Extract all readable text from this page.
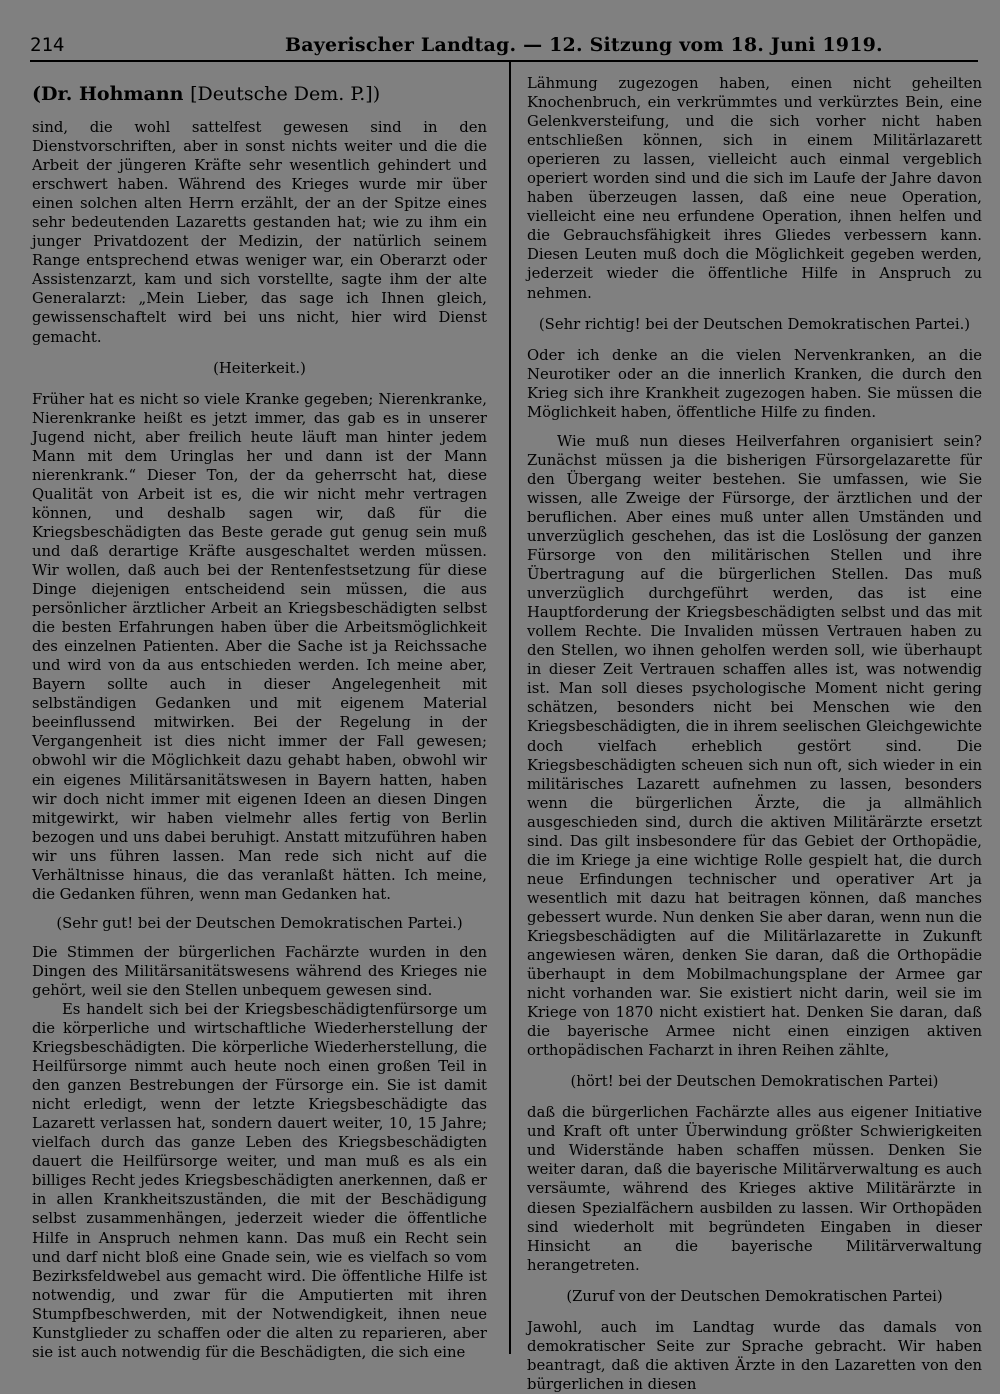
214	Bayerischer Landtag. — 12. Sitzung vom 18. Juni 1919.
(Dr. Hohmann [Deutsche Dem. P.])

sind, die wohl sattelfest gewesen sind in den Dienstvorschriften, aber in sonst nichts weiter und die die Arbeit der jüngeren Kräfte sehr wesentlich gehindert und erschwert haben. Während des Krieges wurde mir über einen solchen alten Herrn erzählt, der an der Spitze eines sehr bedeutenden Lazaretts gestanden hat; wie zu ihm ein junger Privatdozent der Medizin, der natürlich seinem Range entsprechend etwas weniger war, ein Oberarzt oder Assistenzarzt, kam und sich vorstellte, sagte ihm der alte Generalarzt: „Mein Lieber, das sage ich Ihnen gleich, gewissenschaftelt wird bei uns nicht, hier wird Dienst gemacht.

(Heiterkeit.)

Früher hat es nicht so viele Kranke gegeben; Nierenkranke, Nierenkranke heißt es jetzt immer, das gab es in unserer Jugend nicht, aber freilich heute läuft man hinter jedem Mann mit dem Uringlas her und dann ist der Mann nierenkrank.“ Dieser Ton, der da geherrscht hat, diese Qualität von Arbeit ist es, die wir nicht mehr vertragen können, und deshalb sagen wir, daß für die Kriegsbeschädigten das Beste gerade gut genug sein muß und daß derartige Kräfte ausgeschaltet werden müssen. Wir wollen, daß auch bei der Rentenfestsetzung für diese Dinge diejenigen entscheidend sein müssen, die aus persönlicher ärztlicher Arbeit an Kriegsbeschädigten selbst die besten Erfahrungen haben über die Arbeitsmöglichkeit des einzelnen Patienten. Aber die Sache ist ja Reichssache und wird von da aus entschieden werden. Ich meine aber, Bayern sollte auch in dieser Angelegenheit mit selbständigen Gedanken und mit eigenem Material beeinflussend mitwirken. Bei der Regelung in der Vergangenheit ist dies nicht immer der Fall gewesen; obwohl wir die Möglichkeit dazu gehabt haben, obwohl wir ein eigenes Militärsanitätswesen in Bayern hatten, haben wir doch nicht immer mit eigenen Ideen an diesen Dingen mitgewirkt, wir haben vielmehr alles fertig von Berlin bezogen und uns dabei beruhigt. Anstatt mitzuführen haben wir uns führen lassen. Man rede sich nicht auf die Verhältnisse hinaus, die das veranlaßt hätten. Ich meine, die Gedanken führen, wenn man Gedanken hat.

(Sehr gut! bei der Deutschen Demokratischen Partei.)

Die Stimmen der bürgerlichen Fachärzte wurden in den Dingen des Militärsanitätswesens während des Krieges nie gehört, weil sie den Stellen unbequem gewesen sind.

Es handelt sich bei der Kriegsbeschädigtenfürsorge um die körperliche und wirtschaftliche Wiederherstellung der Kriegsbeschädigten. Die körperliche Wiederherstellung, die Heilfürsorge nimmt auch heute noch einen großen Teil in den ganzen Bestrebungen der Fürsorge ein. Sie ist damit nicht erledigt, wenn der letzte Kriegsbeschädigte das Lazarett verlassen hat, sondern dauert weiter, 10, 15 Jahre; vielfach durch das ganze Leben des Kriegsbeschädigten dauert die Heilfürsorge weiter, und man muß es als ein billiges Recht jedes Kriegsbeschädigten anerkennen, daß er in allen Krankheitszuständen, die mit der Beschädigung selbst zusammenhängen, jederzeit wieder die öffentliche Hilfe in Anspruch nehmen kann. Das muß ein Recht sein und darf nicht bloß eine Gnade sein, wie es vielfach so vom Bezirksfeldwebel aus gemacht wird. Die öffentliche Hilfe ist notwendig, und zwar für die Amputierten mit ihren Stumpfbeschwerden, mit der Notwendigkeit, ihnen neue Kunstglieder zu schaffen oder die alten zu reparieren, aber sie ist auch notwendig für die Beschädigten, die sich eine

Lähmung zugezogen haben, einen nicht geheilten Knochenbruch, ein verkrümmtes und verkürztes Bein, eine Gelenkversteifung, und die sich vorher nicht haben entschließen können, sich in einem Militärlazarett operieren zu lassen, vielleicht auch einmal vergeblich operiert worden sind und die sich im Laufe der Jahre davon haben überzeugen lassen, daß eine neue Operation, vielleicht eine neu erfundene Operation, ihnen helfen und die Gebrauchsfähigkeit ihres Gliedes verbessern kann. Diesen Leuten muß doch die Möglichkeit gegeben werden, jederzeit wieder die öffentliche Hilfe in Anspruch zu nehmen.

(Sehr richtig! bei der Deutschen Demokratischen Partei.)

Oder ich denke an die vielen Nervenkranken, an die Neurotiker oder an die innerlich Kranken, die durch den Krieg sich ihre Krankheit zugezogen haben. Sie müssen die Möglichkeit haben, öffentliche Hilfe zu finden.

Wie muß nun dieses Heilverfahren organisiert sein? Zunächst müssen ja die bisherigen Fürsorgelazarette für den Übergang weiter bestehen. Sie umfassen, wie Sie wissen, alle Zweige der Fürsorge, der ärztlichen und der beruflichen. Aber eines muß unter allen Umständen und unverzüglich geschehen, das ist die Loslösung der ganzen Fürsorge von den militärischen Stellen und ihre Übertragung auf die bürgerlichen Stellen. Das muß unverzüglich durchgeführt werden, das ist eine Hauptforderung der Kriegsbeschädigten selbst und das mit vollem Rechte. Die Invaliden müssen Vertrauen haben zu den Stellen, wo ihnen geholfen werden soll, wie überhaupt in dieser Zeit Vertrauen schaffen alles ist, was notwendig ist. Man soll dieses psychologische Moment nicht gering schätzen, besonders nicht bei Menschen wie den Kriegsbeschädigten, die in ihrem seelischen Gleichgewichte doch vielfach erheblich gestört sind. Die Kriegsbeschädigten scheuen sich nun oft, sich wieder in ein militärisches Lazarett aufnehmen zu lassen, besonders wenn die bürgerlichen Ärzte, die ja allmählich ausgeschieden sind, durch die aktiven Militärärzte ersetzt sind. Das gilt insbesondere für das Gebiet der Orthopädie, die im Kriege ja eine wichtige Rolle gespielt hat, die durch neue Erfindungen technischer und operativer Art ja wesentlich mit dazu hat beitragen können, daß manches gebessert wurde. Nun denken Sie aber daran, wenn nun die Kriegsbeschädigten auf die Militärlazarette in Zukunft angewiesen wären, denken Sie daran, daß die Orthopädie überhaupt in dem Mobilmachungsplane der Armee gar nicht vorhanden war. Sie existiert nicht darin, weil sie im Kriege von 1870 nicht existiert hat. Denken Sie daran, daß die bayerische Armee nicht einen einzigen aktiven orthopädischen Facharzt in ihren Reihen zählte,

(hört! bei der Deutschen Demokratischen Partei)

daß die bürgerlichen Fachärzte alles aus eigener Initiative und Kraft oft unter Überwindung größter Schwierigkeiten und Widerstände haben schaffen müssen. Denken Sie weiter daran, daß die bayerische Militärverwaltung es auch versäumte, während des Krieges aktive Militärärzte in diesen Spezialfächern ausbilden zu lassen. Wir Orthopäden sind wiederholt mit begründeten Eingaben in dieser Hinsicht an die bayerische Militärverwaltung herangetreten.

(Zuruf von der Deutschen Demokratischen Partei)

Jawohl, auch im Landtag wurde das damals von demokratischer Seite zur Sprache gebracht. Wir haben beantragt, daß die aktiven Ärzte in den Lazaretten von den bürgerlichen in diesen
